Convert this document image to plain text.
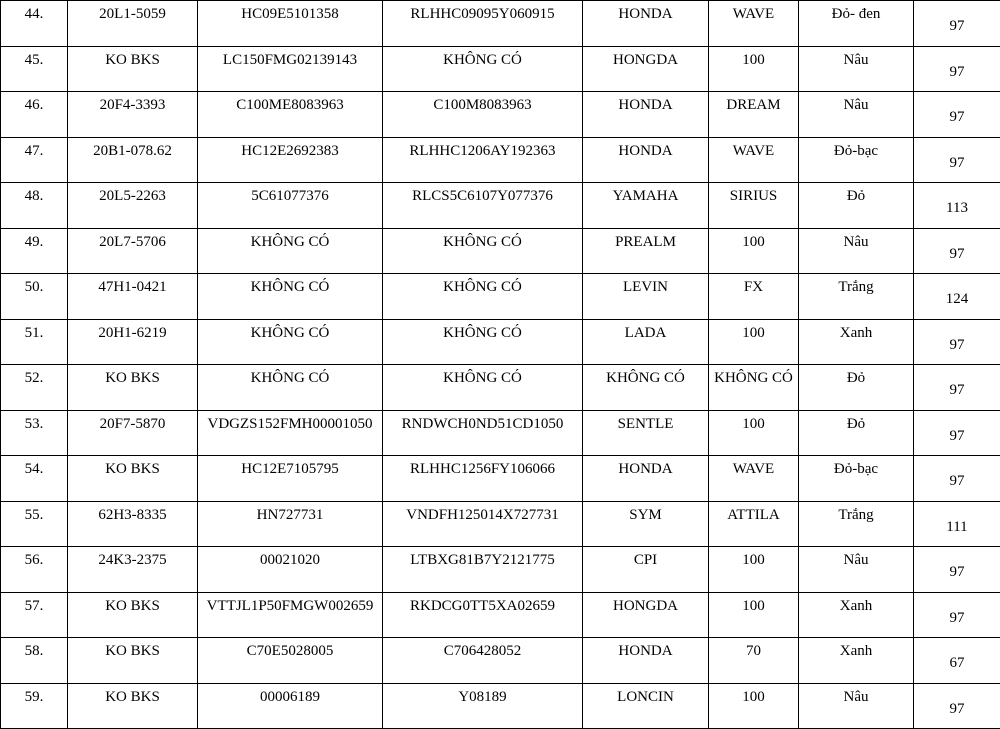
44.	20L1-5059	HC09E5101358	RLHHC09095Y060915	HONDA	WAVE	Đỏ- đen	97
45.	KO BKS	LC150FMG02139143	KHÔNG CÓ	HONGDA	100	Nâu	97
46.	20F4-3393	C100ME8083963	C100M8083963	HONDA	DREAM	Nâu	97
47.	20B1-078.62	HC12E2692383	RLHHC1206AY192363	HONDA	WAVE	Đỏ-bạc	97
48.	20L5-2263	5C61077376	RLCS5C6107Y077376	YAMAHA	SIRIUS	Đỏ	113
49.	20L7-5706	KHÔNG CÓ	KHÔNG CÓ	PREALM	100	Nâu	97
50.	47H1-0421	KHÔNG CÓ	KHÔNG CÓ	LEVIN	FX	Trắng	124
51.	20H1-6219	KHÔNG CÓ	KHÔNG CÓ	LADA	100	Xanh	97
52.	KO BKS	KHÔNG CÓ	KHÔNG CÓ	KHÔNG CÓ	KHÔNG CÓ	Đỏ	97
53.	20F7-5870	VDGZS152FMH00001050	RNDWCH0ND51CD1050	SENTLE	100	Đỏ	97
54.	KO BKS	HC12E7105795	RLHHC1256FY106066	HONDA	WAVE	Đỏ-bạc	97
55.	62H3-8335	HN727731	VNDFH125014X727731	SYM	ATTILA	Trắng	111
56.	24K3-2375	00021020	LTBXG81B7Y2121775	CPI	100	Nâu	97
57.	KO BKS	VTTJL1P50FMGW002659	RKDCG0TT5XA02659	HONGDA	100	Xanh	97
58.	KO BKS	C70E5028005	C706428052	HONDA	70	Xanh	67
59.	KO BKS	00006189	Y08189	LONCIN	100	Nâu	97
